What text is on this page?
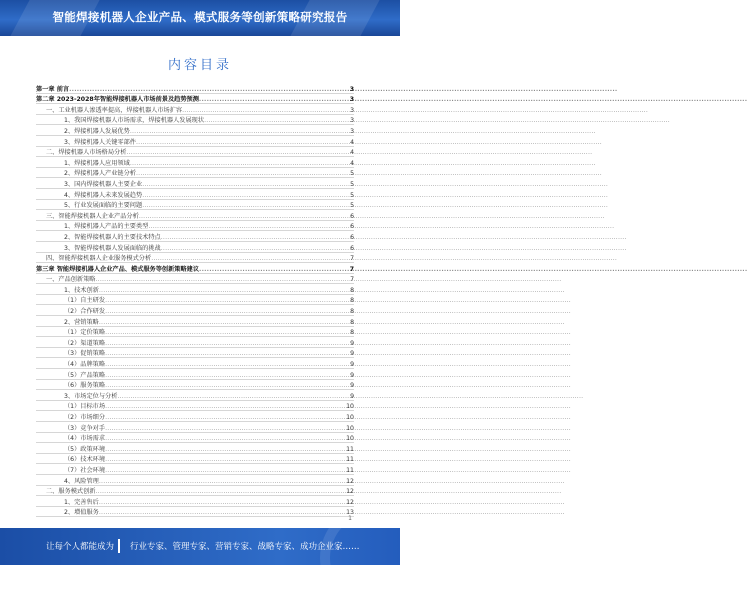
智能焊接机器人企业产品、模式服务等创新策略研究报告
内容目录
第一章 前言 .....	3
第二章 2023-2028年智能焊接机器人市场前景及趋势预测 .....	3
一、工业机器人渗透率提高，焊接机器人市场扩容 .....	3
1、我国焊接机器人市场需求，焊接机器人发展现状 .....	3
2、焊接机器人发展优势 .....	3
3、焊接机器人关键零部件 .....	4
二、焊接机器人市场格局分析 .....	4
1、焊接机器人应用领域 .....	4
2、焊接机器人产业链分析 .....	5
3、国内焊接机器人主要企业 .....	5
4、焊接机器人未来发展趋势 .....	5
5、行业发展面临的主要问题 .....	5
三、智能焊接机器人企业产品分析 .....	6
1、焊接机器人产品的主要类型 .....	6
2、智能焊接机器人的主要技术特点 .....	6
3、智能焊接机器人发展面临的挑战 .....	6
四、智能焊接机器人企业服务模式分析 .....	7
第三章 智能焊接机器人企业产品、模式服务等创新策略建议 .....	7
一、产品创新策略 .....	7
1、技术创新 .....	8
（1）自主研发 .....	8
（2）合作研发 .....	8
2、营销策略 .....	8
（1）定价策略 .....	8
（2）渠道策略 .....	9
（3）促销策略 .....	9
（4）品牌策略 .....	9
（5）产品策略 .....	9
（6）服务策略 .....	9
3、市场定位与分析 .....	9
（1）目标市场 .....	10
（2）市场细分 .....	10
（3）竞争对手 .....	10
（4）市场需求 .....	10
（5）政策环境 .....	11
（6）技术环境 .....	11
（7）社会环境 .....	11
4、风险管理 .....	12
二、服务模式创新 .....	12
1、完善售后 .....	12
2、增值服务 .....	13
1
让每个人都能成为 行业专家、管理专家、营销专家、战略专家、成功企业家……
